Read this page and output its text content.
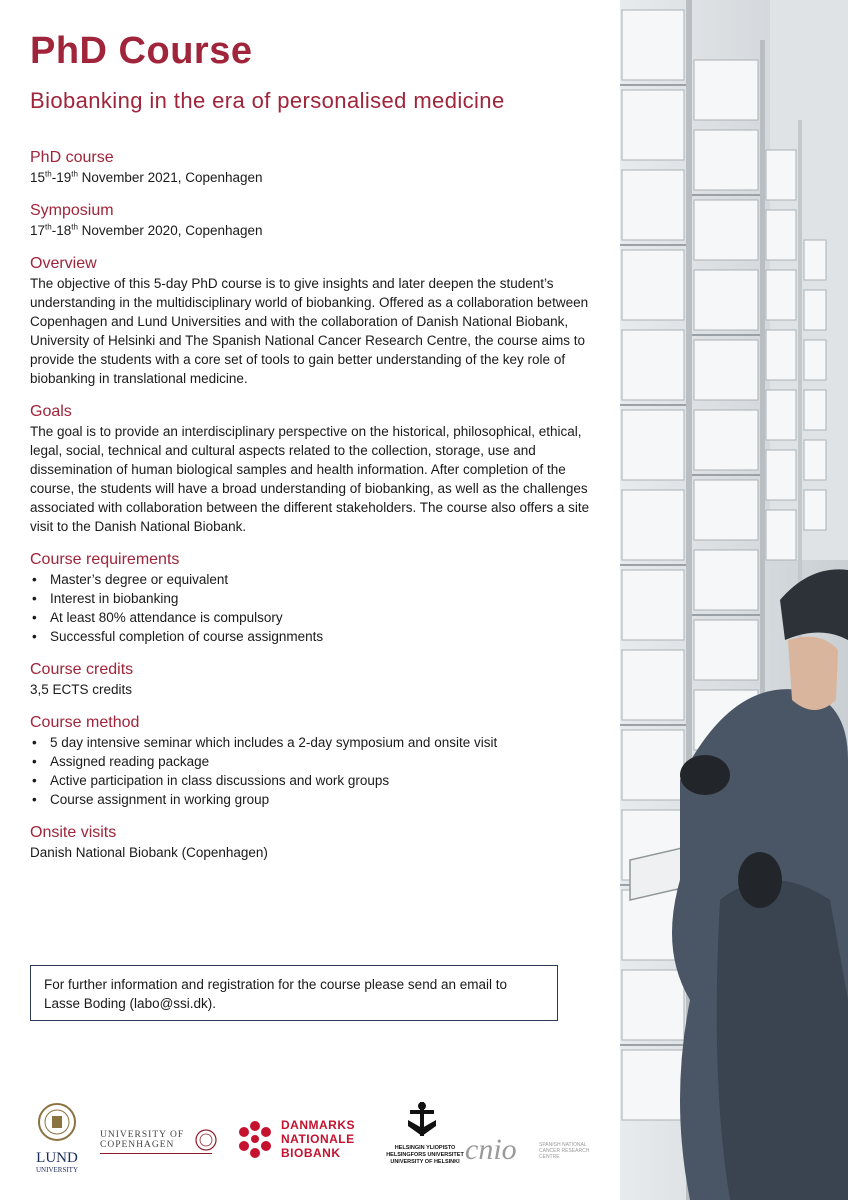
PhD Course

Biobanking in the era of personalised medicine

PhD course

15th-19th November 2021, Copenhagen

Symposium

17th-18th November 2020, Copenhagen

Overview

The objective of this 5-day PhD course is to give insights and later deepen the student’s understanding in the multidisciplinary world of biobanking. Offered as a collaboration between Copenhagen and Lund Universities and with the collaboration of Danish National Biobank, University of Helsinki and The Spanish National Cancer Research Centre, the course aims to provide the students with a core set of tools to gain better understanding of the key role of biobanking in translational medicine.

Goals

The goal is to provide an interdisciplinary perspective on the historical, philosophical, ethical, legal, social, technical and cultural aspects related to the collection, storage, use and dissemination of human biological samples and health information. After completion of the course, the students will have a broad understanding of biobanking, as well as the challenges associated with collaboration between the different stakeholders. The course also offers a site visit to the Danish National Biobank.

Course requirements

• Master’s degree or equivalent
• Interest in biobanking
• At least 80% attendance is compulsory
• Successful completion of course assignments

Course credits

3,5 ECTS credits

Course method

• 5 day intensive seminar which includes a 2-day symposium and onsite visit
• Assigned reading package
• Active participation in class discussions and work groups
• Course assignment in working group

Onsite visits

Danish National Biobank (Copenhagen)

For further information and registration for the course please send an email to Lasse Boding (labo@ssi.dk).
LUND
UNIVERSITY
UNIVERSITY OF
COPENHAGEN
DANMARKS
NATIONALE
BIOBANK	HELSINGIN YLIOPISTO
HELSINGFORS UNIVERSITET
UNIVERSITY OF HELSINKI cnio	SPANISH NATIONAL
CANCER RESEARCH
CENTRE
